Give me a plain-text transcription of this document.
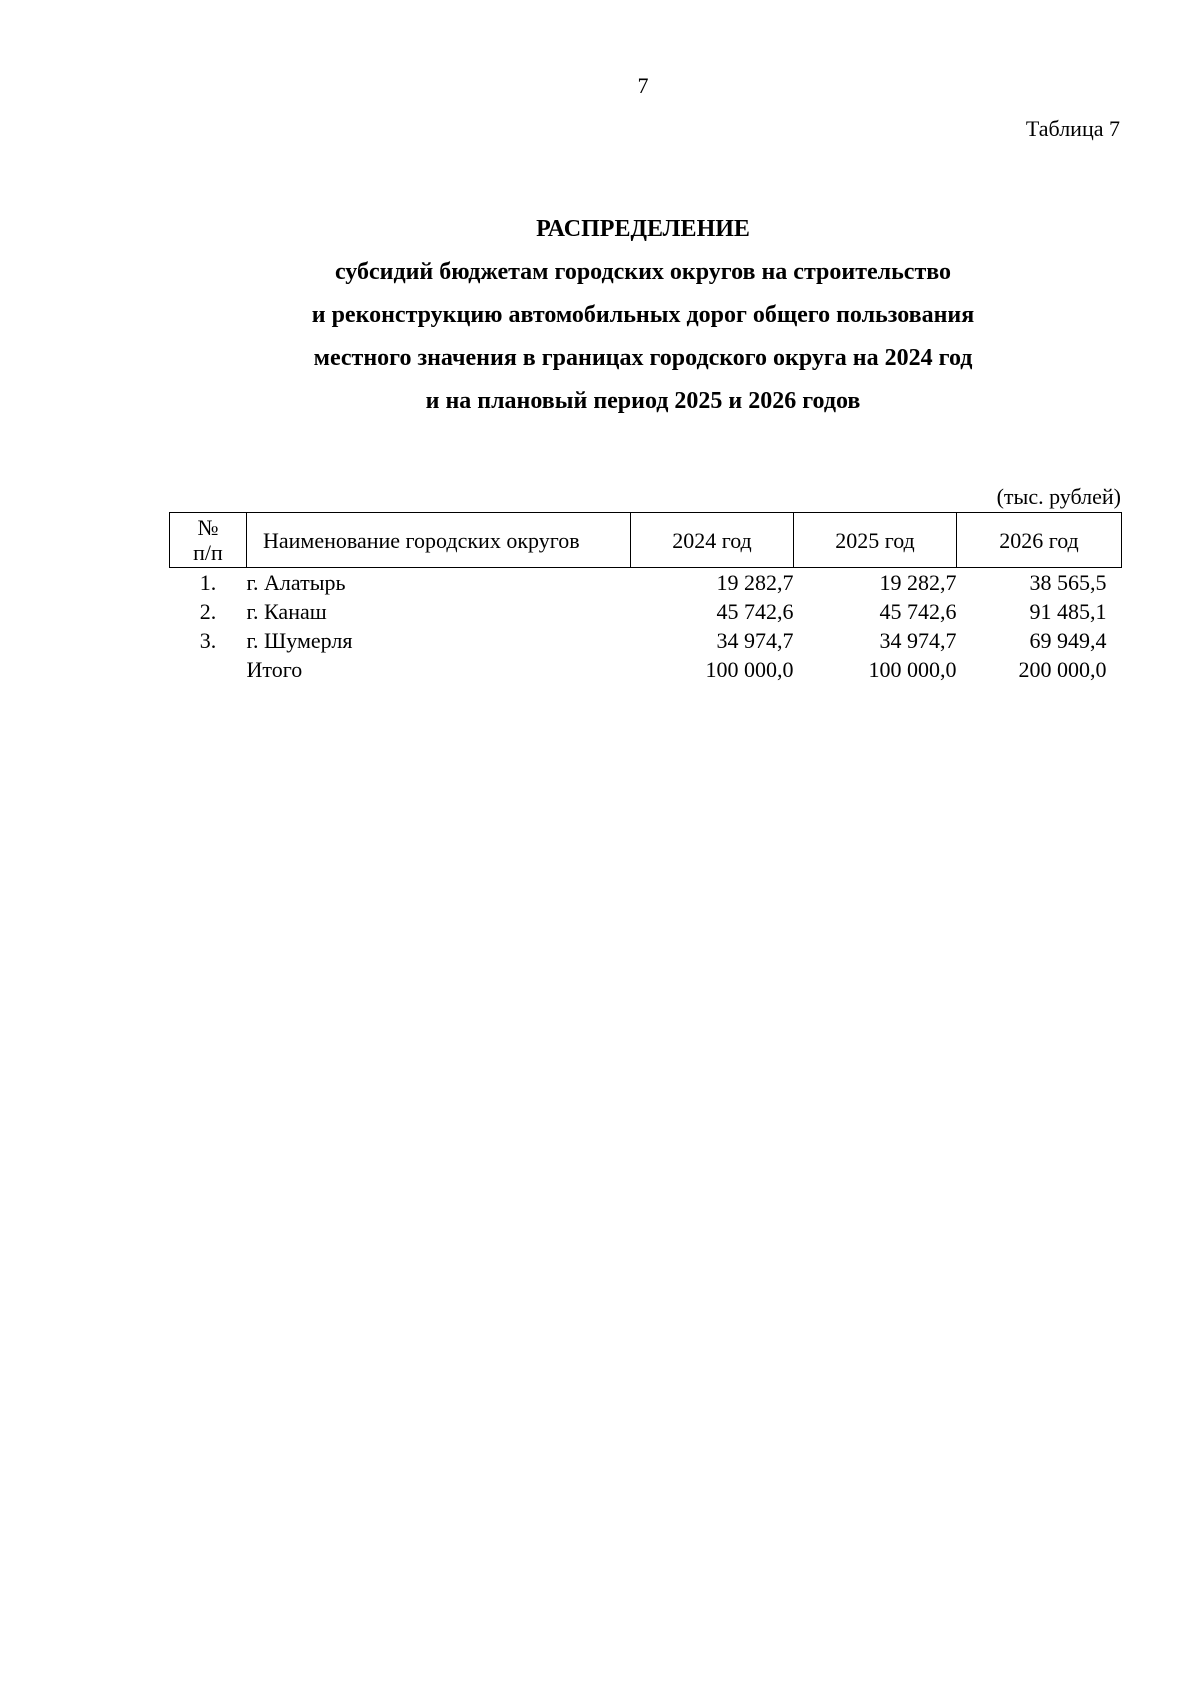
7
Таблица 7
РАСПРЕДЕЛЕНИЕ
субсидий бюджетам городских округов на строительство
и реконструкцию автомобильных дорог общего пользования
местного значения в границах городского округа на 2024 год
и на плановый период 2025 и 2026 годов
(тыс. рублей)
№
п/п	Наименование городских округов	2024 год	2025 год	2026 год
1.	г. Алатырь	19 282,7	19 282,7	38 565,5
2.	г. Канаш	45 742,6	45 742,6	91 485,1
3.	г. Шумерля	34 974,7	34 974,7	69 949,4
	Итого	100 000,0	100 000,0	200 000,0
